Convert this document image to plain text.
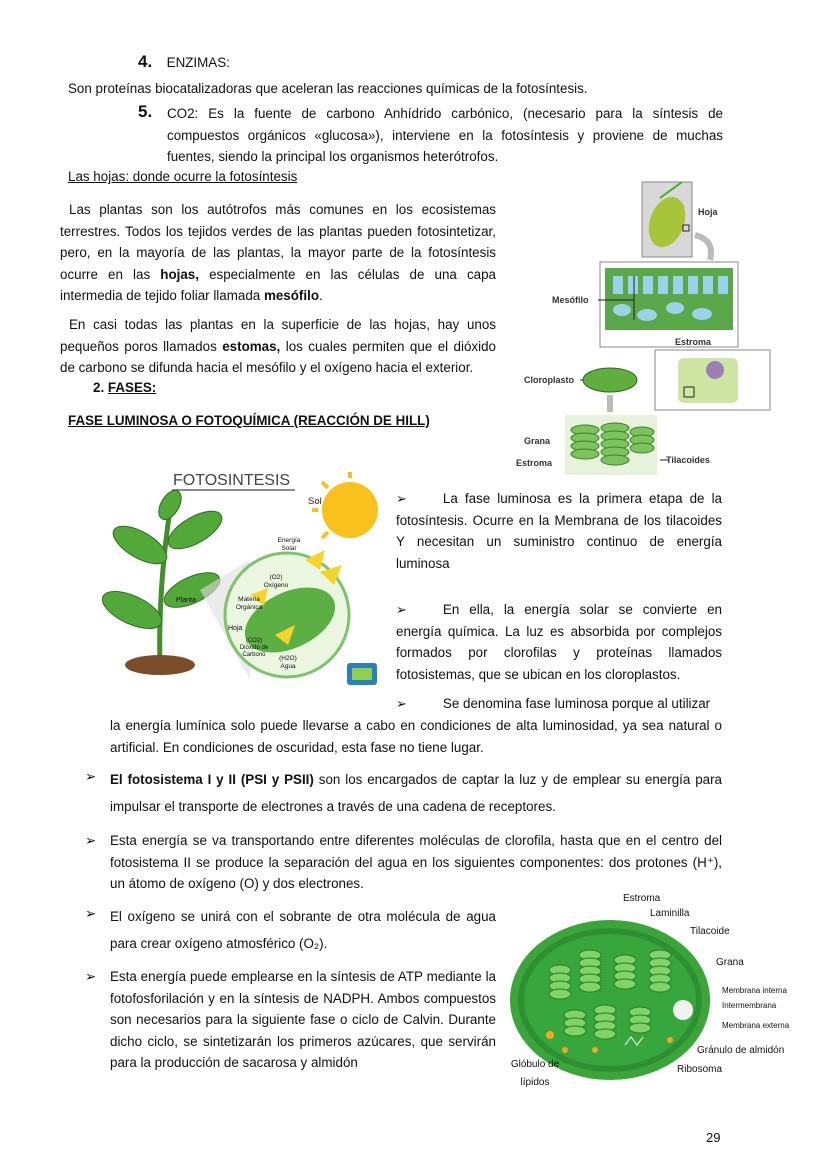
4. ENZIMAS:
Son proteínas biocatalizadoras que aceleran las reacciones químicas de la fotosíntesis.
5. CO2: Es la fuente de carbono Anhídrido carbónico, (necesario para la síntesis de compuestos orgánicos «glucosa»), interviene en la fotosíntesis y proviene de muchas fuentes, siendo la principal los organismos heterótrofos.
Las hojas: donde ocurre la fotosíntesis
Las plantas son los autótrofos más comunes en los ecosistemas terrestres. Todos los tejidos verdes de las plantas pueden fotosintetizar, pero, en la mayoría de las plantas, la mayor parte de la fotosíntesis ocurre en las hojas, especialmente en las células de una capa intermedia de tejido foliar llamada mesófilo.
En casi todas las plantas en la superficie de las hojas, hay unos pequeños poros llamados estomas, los cuales permiten que el dióxido de carbono se difunda hacia el mesófilo y el oxígeno hacia el exterior.
2. FASES:
FASE LUMINOSA O FOTOQUÍMICA (REACCIÓN DE HILL)
Hoja
Mesófilo
Estroma
Cloroplasto
Grana
Estroma	Tilacoides
FOTOSINTESIS
Sol
Energía Solar
(O2) Oxígeno
Materia Orgánica
Planta
Hoja
(CO2) Dióxido de Carbono	(H2O) Agua
➢	La fase luminosa es la primera etapa de la fotosíntesis. Ocurre en la Membrana de los tilacoides Y necesitan un suministro continuo de energía luminosa
➢	En ella, la energía solar se convierte en energía química. La luz es absorbida por complejos formados por clorofilas y proteínas llamados fotosistemas, que se ubican en los cloroplastos.
➢	Se denomina fase luminosa porque al utilizar
la energía lumínica solo puede llevarse a cabo en condiciones de alta luminosidad, ya sea natural o artificial. En condiciones de oscuridad, esta fase no tiene lugar.
➢ El fotosistema I y II (PSI y PSII) son los encargados de captar la luz y de emplear su energía para impulsar el transporte de electrones a través de una cadena de receptores.
➢ Esta energía se va transportando entre diferentes moléculas de clorofila, hasta que en el centro del fotosistema II se produce la separación del agua en los siguientes componentes: dos protones (H⁺), un átomo de oxígeno (O) y dos electrones.
➢ El oxígeno se unirá con el sobrante de otra molécula de agua para crear oxígeno atmosférico (O₂).
➢ Esta energía puede emplearse en la síntesis de ATP mediante la fotofosforilación y en la síntesis de NADPH. Ambos compuestos son necesarios para la siguiente fase o ciclo de Calvin. Durante dicho ciclo, se sintetizarán los primeros azúcares, que servirán para la producción de sacarosa y almidón
Estroma
Laminilla
Tilacoide
Grana
Membrana interna
Intermembrana
Membrana externa
Gránulo de almidón
Ribosoma
Glóbulo de lípidos
29
